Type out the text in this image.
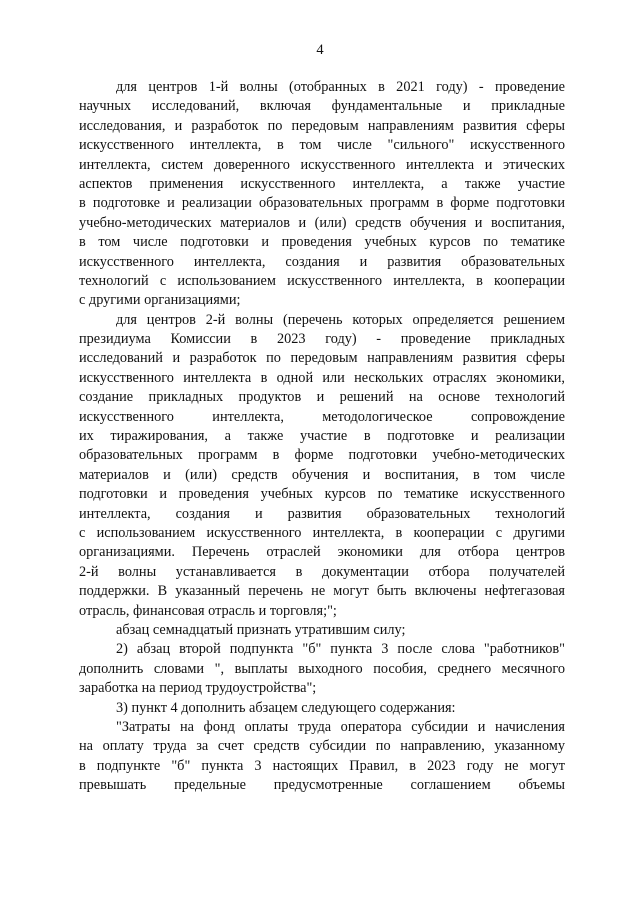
4
для центров 1-й волны (отобранных в 2021 году) - проведение
научных исследований, включая фундаментальные и прикладные
исследования, и разработок по передовым направлениям развития сферы
искусственного интеллекта, в том числе "сильного" искусственного
интеллекта, систем доверенного искусственного интеллекта и этических
аспектов применения искусственного интеллекта, а также участие
в подготовке и реализации образовательных программ в форме подготовки
учебно-методических материалов и (или) средств обучения и воспитания,
в том числе подготовки и проведения учебных курсов по тематике
искусственного интеллекта, создания и развития образовательных
технологий с использованием искусственного интеллекта, в кооперации
с другими организациями;
для центров 2-й волны (перечень которых определяется решением
президиума Комиссии в 2023 году) - проведение прикладных
исследований и разработок по передовым направлениям развития сферы
искусственного интеллекта в одной или нескольких отраслях экономики,
создание прикладных продуктов и решений на основе технологий
искусственного интеллекта, методологическое сопровождение
их тиражирования, а также участие в подготовке и реализации
образовательных программ в форме подготовки учебно-методических
материалов и (или) средств обучения и воспитания, в том числе
подготовки и проведения учебных курсов по тематике искусственного
интеллекта, создания и развития образовательных технологий
с использованием искусственного интеллекта, в кооперации с другими
организациями. Перечень отраслей экономики для отбора центров
2-й волны устанавливается в документации отбора получателей
поддержки. В указанный перечень не могут быть включены нефтегазовая
отрасль, финансовая отрасль и торговля;";
абзац семнадцатый признать утратившим силу;
2) абзац второй подпункта "б" пункта 3 после слова "работников"
дополнить словами ", выплаты выходного пособия, среднего месячного
заработка на период трудоустройства";
3) пункт 4 дополнить абзацем следующего содержания:
"Затраты на фонд оплаты труда оператора субсидии и начисления
на оплату труда за счет средств субсидии по направлению, указанному
в подпункте "б" пункта 3 настоящих Правил, в 2023 году не могут
превышать предельные предусмотренные соглашением объемы
